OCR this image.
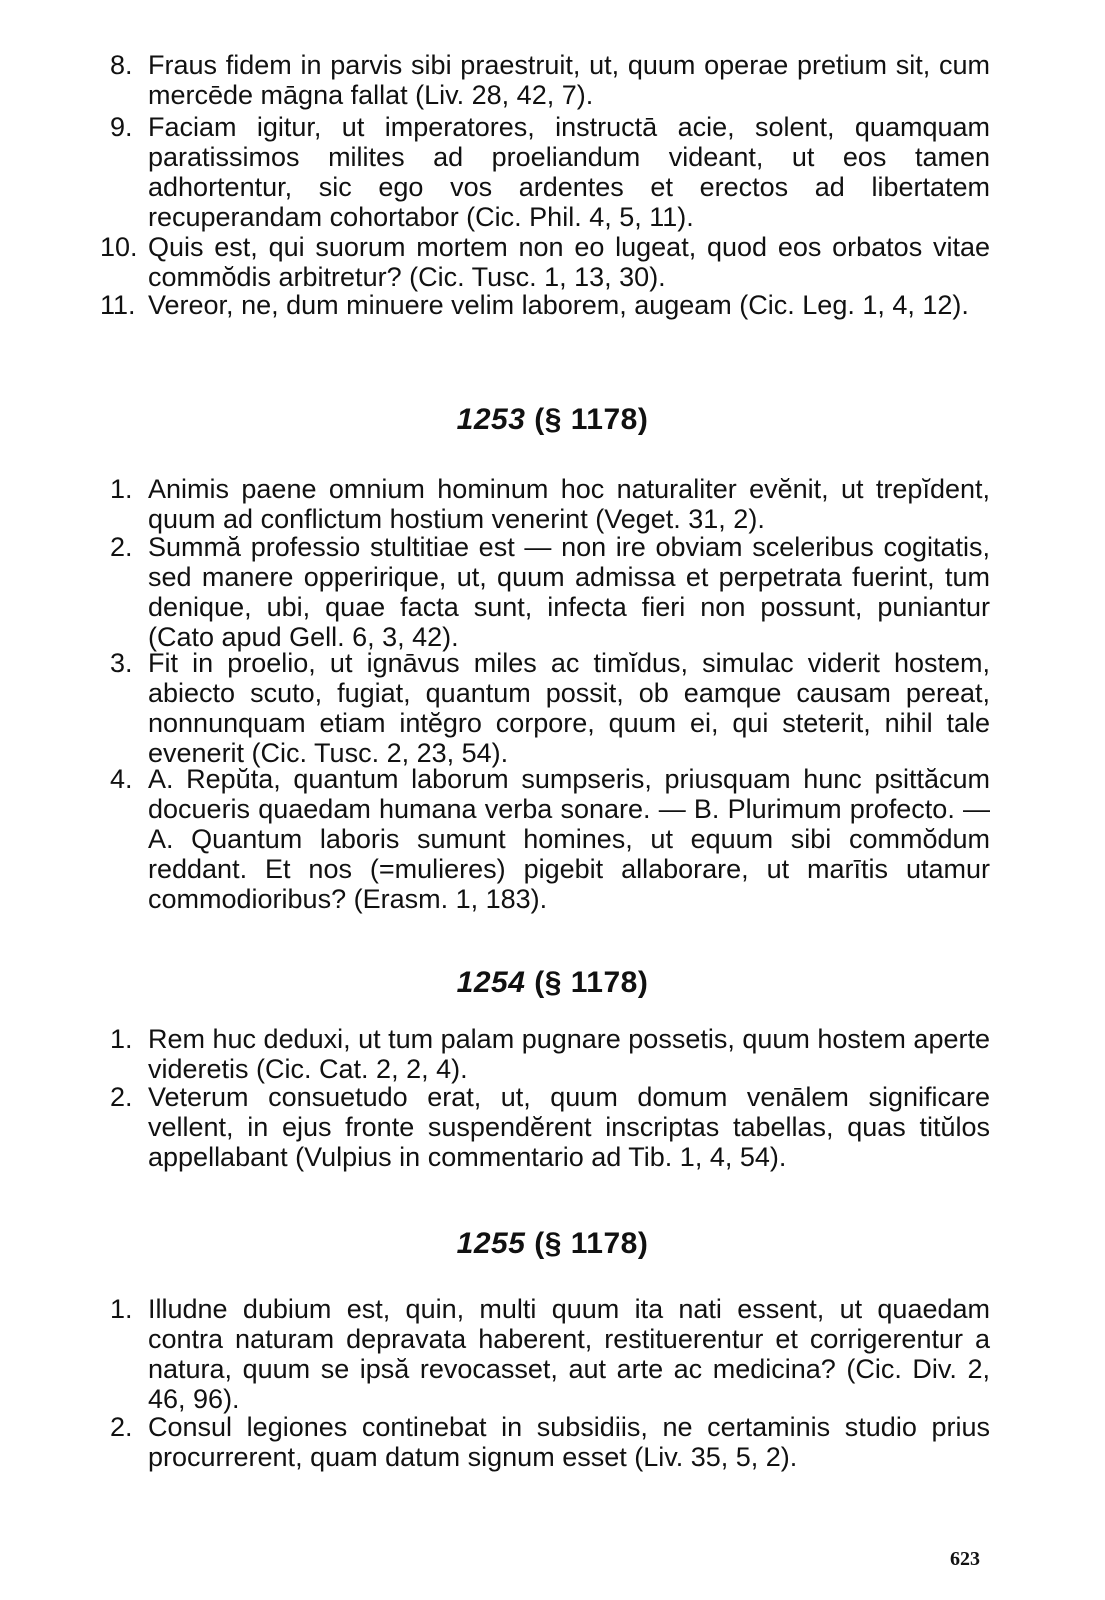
8. Fraus fidem in parvis sibi praestruit, ut, quum operae pretium sit, cum mercēde māgna fallat (Liv. 28, 42, 7).
9. Faciam igitur, ut imperatores, instructā acie, solent, quamquam paratissimos milites ad proeliandum videant, ut eos tamen adhortentur, sic ego vos ardentes et erectos ad libertatem recuperandam cohortabor (Cic. Phil. 4, 5, 11).
10. Quis est, qui suorum mortem non eo lugeat, quod eos orbatos vitae commŏdis arbitretur? (Cic. Tusc. 1, 13, 30).
11. Vereor, ne, dum minuere velim laborem, augeam (Cic. Leg. 1, 4, 12).
1253 (§ 1178)
1. Animis paene omnium hominum hoc naturaliter evĕnit, ut trepĭdent, quum ad conflictum hostium venerint (Veget. 31, 2).
2. Summă professio stultitiae est — non ire obviam sceleribus cogitatis, sed manere opperirique, ut, quum admissa et perpetrata fuerint, tum denique, ubi, quae facta sunt, infecta fieri non possunt, puniantur (Cato apud Gell. 6, 3, 42).
3. Fit in proelio, ut ignāvus miles ac timĭdus, simulac viderit hostem, abiecto scuto, fugiat, quantum possit, ob eamque causam pereat, nonnunquam etiam intĕgro corpore, quum ei, qui steterit, nihil tale evenerit (Cic. Tusc. 2, 23, 54).
4. A. Repŭta, quantum laborum sumpseris, priusquam hunc psittăcum docueris quaedam humana verba sonare. — B. Plurimum profecto. — A. Quantum laboris sumunt homines, ut equum sibi commŏdum reddant. Et nos (=mulieres) pigebit allaborare, ut marītis utamur commodioribus? (Erasm. 1, 183).
1254 (§ 1178)
1. Rem huc deduxi, ut tum palam pugnare possetis, quum hostem aperte videretis (Cic. Cat. 2, 2, 4).
2. Veterum consuetudo erat, ut, quum domum venālem significare vellent, in ejus fronte suspendĕrent inscriptas tabellas, quas titŭlos appellabant (Vulpius in commentario ad Tib. 1, 4, 54).
1255 (§ 1178)
1. Illudne dubium est, quin, multi quum ita nati essent, ut quaedam contra naturam depravata haberent, restituerentur et corrigerentur a natura, quum se ipsă revocasset, aut arte ac medicina? (Cic. Div. 2, 46, 96).
2. Consul legiones continebat in subsidiis, ne certaminis studio prius procurrerent, quam datum signum esset (Liv. 35, 5, 2).
623
